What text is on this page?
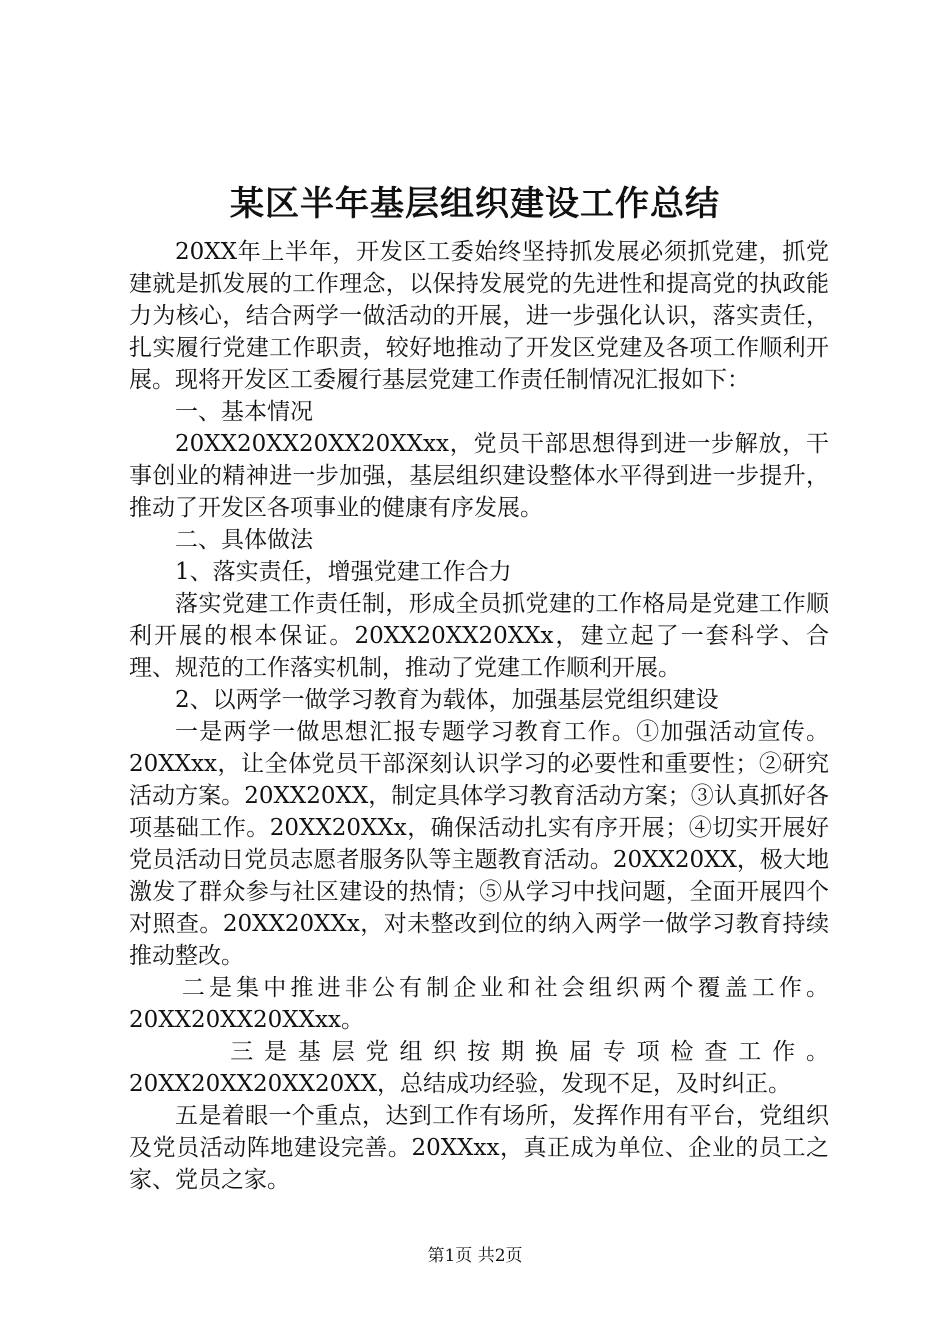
某区半年基层组织建设工作总结

20XX年上半年，开发区工委始终坚持抓发展必须抓党建，抓党建就是抓发展的工作理念，以保持发展党的先进性和提高党的执政能力为核心，结合两学一做活动的开展，进一步强化认识，落实责任，扎实履行党建工作职责，较好地推动了开发区党建及各项工作顺利开展。现将开发区工委履行基层党建工作责任制情况汇报如下：

一、基本情况

20XX20XX20XX20XXxx，党员干部思想得到进一步解放，干事创业的精神进一步加强，基层组织建设整体水平得到进一步提升，推动了开发区各项事业的健康有序发展。

二、具体做法

1、落实责任，增强党建工作合力

落实党建工作责任制，形成全员抓党建的工作格局是党建工作顺利开展的根本保证。20XX20XX20XXx，建立起了一套科学、合理、规范的工作落实机制，推动了党建工作顺利开展。

2、以两学一做学习教育为载体，加强基层党组织建设

一是两学一做思想汇报专题学习教育工作。①加强活动宣传。20XXxx，让全体党员干部深刻认识学习的必要性和重要性；②研究活动方案。20XX20XX，制定具体学习教育活动方案；③认真抓好各项基础工作。20XX20XXx，确保活动扎实有序开展；④切实开展好党员活动日党员志愿者服务队等主题教育活动。20XX20XX，极大地激发了群众参与社区建设的热情；⑤从学习中找问题，全面开展四个对照查。20XX20XXx，对未整改到位的纳入两学一做学习教育持续推动整改。

二是集中推进非公有制企业和社会组织两个覆盖工作。20XX20XX20XXxx。

三是基层党组织按期换届专项检查工作。20XX20XX20XX20XX，总结成功经验，发现不足，及时纠正。

五是着眼一个重点，达到工作有场所，发挥作用有平台，党组织及党员活动阵地建设完善。20XXxx，真正成为单位、企业的员工之家、党员之家。

第1页 共2页
